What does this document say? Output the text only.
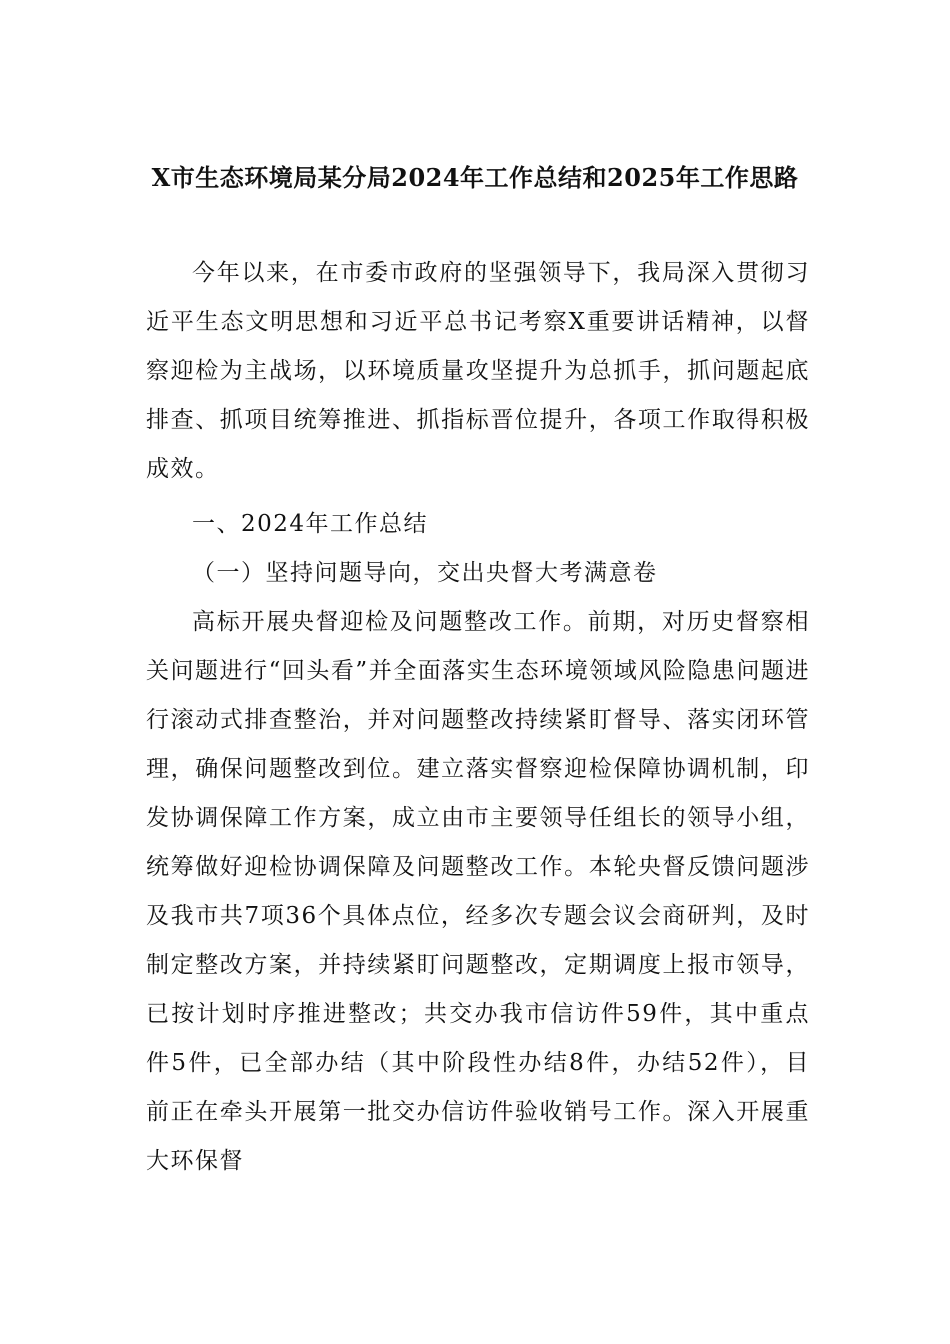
X市生态环境局某分局2024年工作总结和2025年工作思路

今年以来，在市委市政府的坚强领导下，我局深入贯彻习近平生态文明思想和习近平总书记考察X重要讲话精神，以督察迎检为主战场，以环境质量攻坚提升为总抓手，抓问题起底排查、抓项目统筹推进、抓指标晋位提升，各项工作取得积极成效。

一、2024年工作总结

（一）坚持问题导向，交出央督大考满意卷

高标开展央督迎检及问题整改工作。前期，对历史督察相关问题进行“回头看”并全面落实生态环境领域风险隐患问题进行滚动式排查整治，并对问题整改持续紧盯督导、落实闭环管理，确保问题整改到位。建立落实督察迎检保障协调机制，印发协调保障工作方案，成立由市主要领导任组长的领导小组，统筹做好迎检协调保障及问题整改工作。本轮央督反馈问题涉及我市共7项36个具体点位，经多次专题会议会商研判，及时制定整改方案，并持续紧盯问题整改，定期调度上报市领导，已按计划时序推进整改；共交办我市信访件59件，其中重点件5件，已全部办结（其中阶段性办结8件，办结52件），目前正在牵头开展第一批交办信访件验收销号工作。深入开展重大环保督
